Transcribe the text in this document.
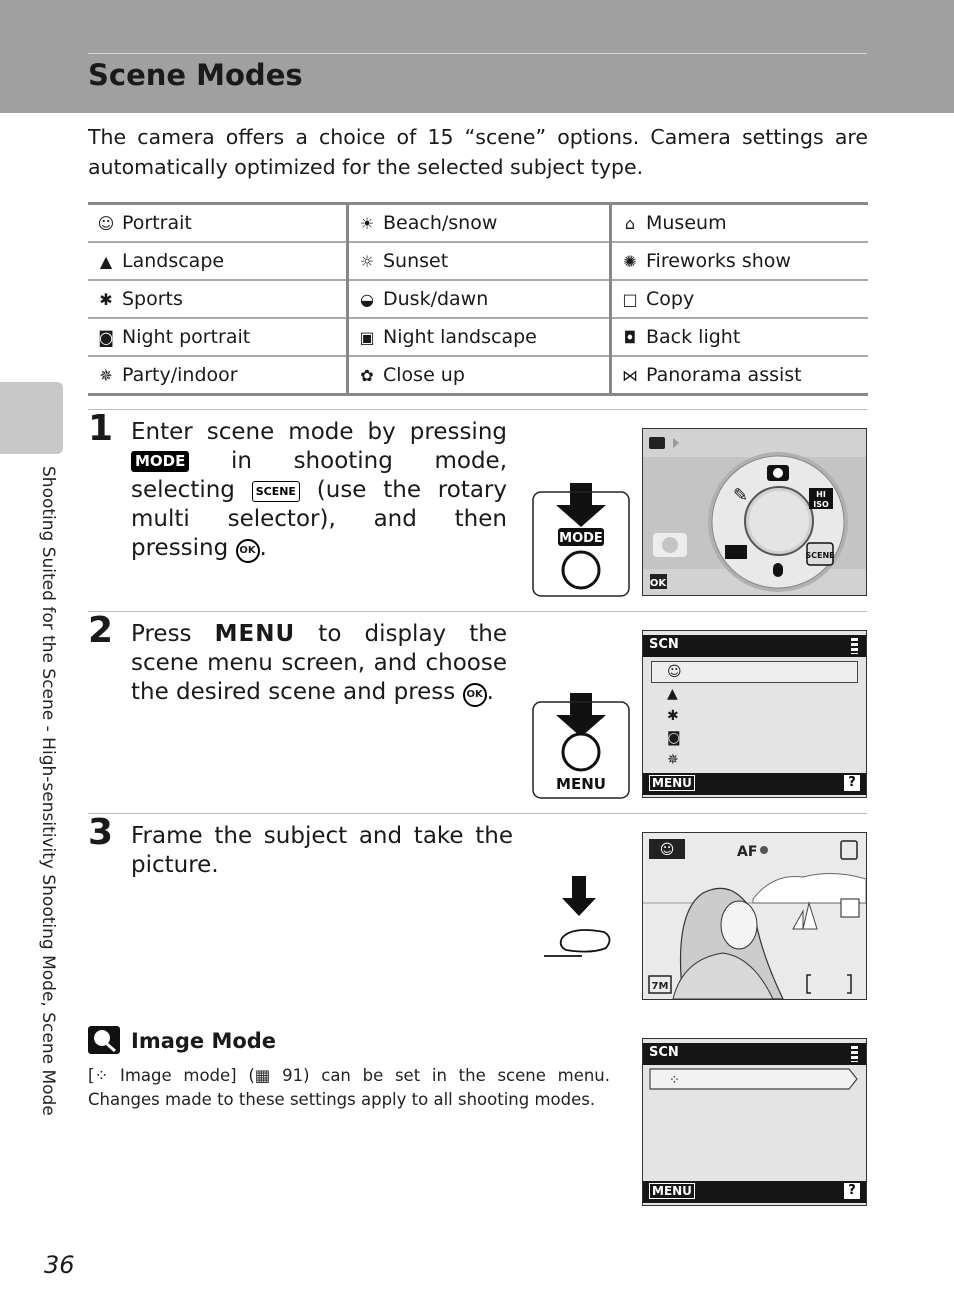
Scene Modes
The camera offers a choice of 15 “scene” options. Camera settings are automatically optimized for the selected subject type.
Shooting Suited for the Scene - High-sensitivity Shooting Mode, Scene Mode
☺ Portrait	☀ Beach/snow	⌂ Museum
▲ Landscape	☼ Sunset	✺ Fireworks show
✱ Sports	◒ Dusk/dawn	□ Copy
◙ Night portrait	▣ Night landscape	◘ Back light
✵ Party/indoor	✿ Close up	⋈ Panorama assist
1 Enter scene mode by pressing MODE in shooting mode, selecting SCENE (use the rotary multi selector), and then pressing OK .	MODE
HI
ISO
SCENE
✎
OK
2 Press MENU to display the scene menu screen, and choose the desired scene and press OK .
MENU
SCN
☺
▲
✱
◙
✵
MENU	?
3 Frame the subject and take the picture.
☺	AF
7M
Image Mode
[⁘ Image mode] (▦ 91) can be set in the scene menu. Changes made to these settings apply to all shooting modes.
SCN
⁘
MENU	?
36
